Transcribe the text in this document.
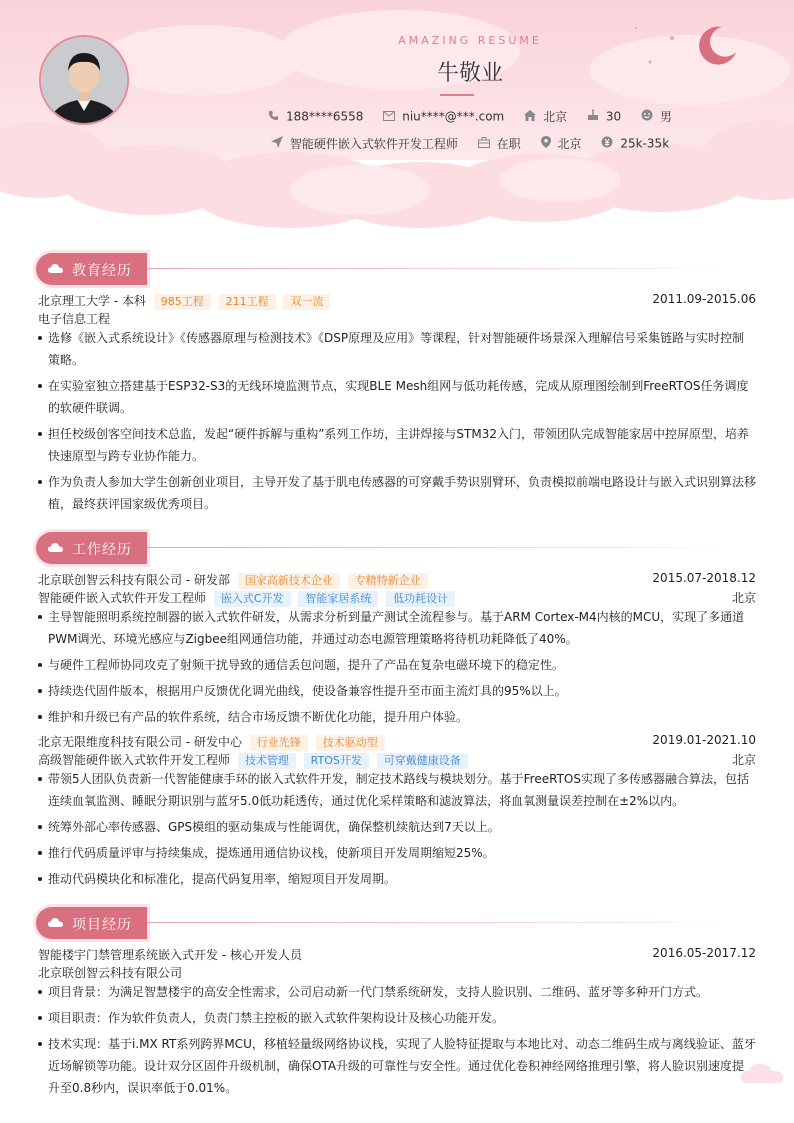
AMAZING RESUME
牛敬业
188****6558	niu****@***.com	北京	30	男
智能硬件嵌入式软件开发工程师	在职	北京	25k-35k
教育经历
北京理工大学 - 本科 985工程 211工程 双一流	2011.09-2015.06
电子信息工程
选修《嵌入式系统设计》《传感器原理与检测技术》《DSP原理及应用》等课程，针对智能硬件场景深入理解信号采集链路与实时控制策略。
在实验室独立搭建基于ESP32-S3的无线环境监测节点，实现BLE Mesh组网与低功耗传感，完成从原理图绘制到FreeRTOS任务调度的软硬件联调。
担任校级创客空间技术总监，发起“硬件拆解与重构”系列工作坊，主讲焊接与STM32入门，带领团队完成智能家居中控屏原型，培养快速原型与跨专业协作能力。
作为负责人参加大学生创新创业项目，主导开发了基于肌电传感器的可穿戴手势识别臂环，负责模拟前端电路设计与嵌入式识别算法移植，最终获评国家级优秀项目。
工作经历
北京联创智云科技有限公司 - 研发部 国家高新技术企业 专精特新企业	2015.07-2018.12
智能硬件嵌入式软件开发工程师 嵌入式C开发 智能家居系统 低功耗设计	北京
主导智能照明系统控制器的嵌入式软件研发，从需求分析到量产测试全流程参与。基于ARM Cortex-M4内核的MCU，实现了多通道PWM调光、环境光感应与Zigbee组网通信功能，并通过动态电源管理策略将待机功耗降低了40%。
与硬件工程师协同攻克了射频干扰导致的通信丢包问题，提升了产品在复杂电磁环境下的稳定性。
持续迭代固件版本，根据用户反馈优化调光曲线，使设备兼容性提升至市面主流灯具的95%以上。
维护和升级已有产品的软件系统，结合市场反馈不断优化功能，提升用户体验。
北京无限维度科技有限公司 - 研发中心 行业先锋 技术驱动型	2019.01-2021.10
高级智能硬件嵌入式软件开发工程师 技术管理 RTOS开发 可穿戴健康设备	北京
带领5人团队负责新一代智能健康手环的嵌入式软件开发，制定技术路线与模块划分。基于FreeRTOS实现了多传感器融合算法，包括连续血氧监测、睡眠分期识别与蓝牙5.0低功耗透传，通过优化采样策略和滤波算法，将血氧测量误差控制在±2%以内。
统筹外部心率传感器、GPS模组的驱动集成与性能调优，确保整机续航达到7天以上。
推行代码质量评审与持续集成，提炼通用通信协议栈，使新项目开发周期缩短25%。
推动代码模块化和标准化，提高代码复用率，缩短项目开发周期。
项目经历
智能楼宇门禁管理系统嵌入式开发 - 核心开发人员	2016.05-2017.12
北京联创智云科技有限公司
项目背景：为满足智慧楼宇的高安全性需求，公司启动新一代门禁系统研发，支持人脸识别、二维码、蓝牙等多种开门方式。
项目职责：作为软件负责人，负责门禁主控板的嵌入式软件架构设计及核心功能开发。
技术实现：基于i.MX RT系列跨界MCU，移植轻量级网络协议栈，实现了人脸特征提取与本地比对、动态二维码生成与离线验证、蓝牙近场解锁等功能。设计双分区固件升级机制，确保OTA升级的可靠性与安全性。通过优化卷积神经网络推理引擎，将人脸识别速度提升至0.8秒内，误识率低于0.01%。
